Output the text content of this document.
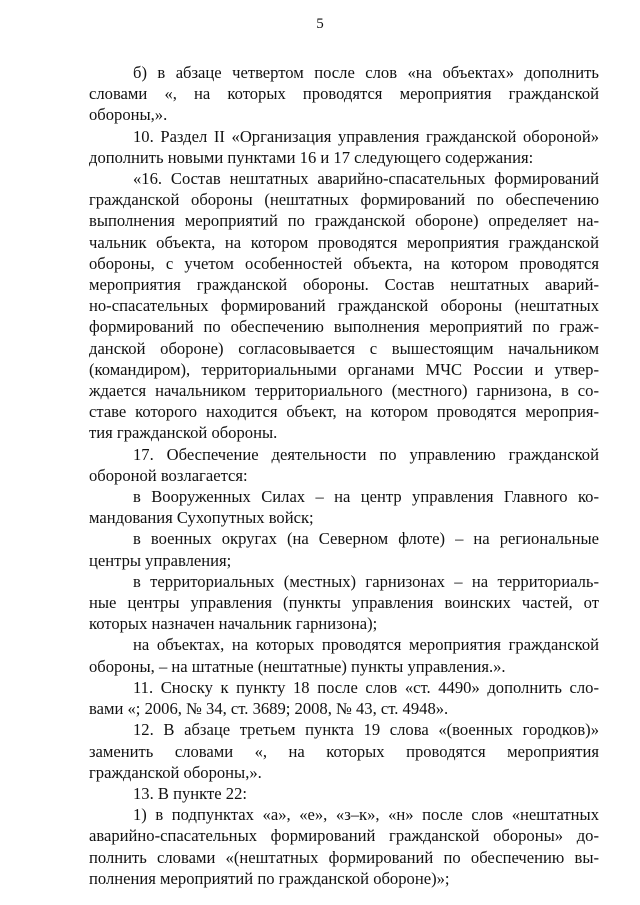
5
б) в абзаце четвертом после слов «на объектах» дополнить
словами «, на которых проводятся мероприятия гражданской
обороны,».
10. Раздел II «Организация управления гражданской обороной»
дополнить новыми пунктами 16 и 17 следующего содержания:
«16. Состав нештатных аварийно-спасательных формирований
гражданской обороны (нештатных формирований по обеспечению
выполнения мероприятий по гражданской обороне) определяет на-
чальник объекта, на котором проводятся мероприятия гражданской
обороны, с учетом особенностей объекта, на котором проводятся
мероприятия гражданской обороны. Состав нештатных аварий-
но-спасательных формирований гражданской обороны (нештатных
формирований по обеспечению выполнения мероприятий по граж-
данской обороне) согласовывается с вышестоящим начальником
(командиром), территориальными органами МЧС России и утвер-
ждается начальником территориального (местного) гарнизона, в со-
ставе которого находится объект, на котором проводятся мероприя-
тия гражданской обороны.
17. Обеспечение деятельности по управлению гражданской
обороной возлагается:
в Вооруженных Силах – на центр управления Главного ко-
мандования Сухопутных войск;
в военных округах (на Северном флоте) – на региональные
центры управления;
в территориальных (местных) гарнизонах – на территориаль-
ные центры управления (пункты управления воинских частей, от
которых назначен начальник гарнизона);
на объектах, на которых проводятся мероприятия гражданской
обороны, – на штатные (нештатные) пункты управления.».
11. Сноску к пункту 18 после слов «ст. 4490» дополнить сло-
вами «; 2006, № 34, ст. 3689; 2008, № 43, ст. 4948».
12. В абзаце третьем пункта 19 слова «(военных городков)»
заменить словами «, на которых проводятся мероприятия
гражданской обороны,».
13. В пункте 22:
1) в подпунктах «а», «е», «з–к», «н» после слов «нештатных
аварийно-спасательных формирований гражданской обороны» до-
полнить словами «(нештатных формирований по обеспечению вы-
полнения мероприятий по гражданской обороне)»;
